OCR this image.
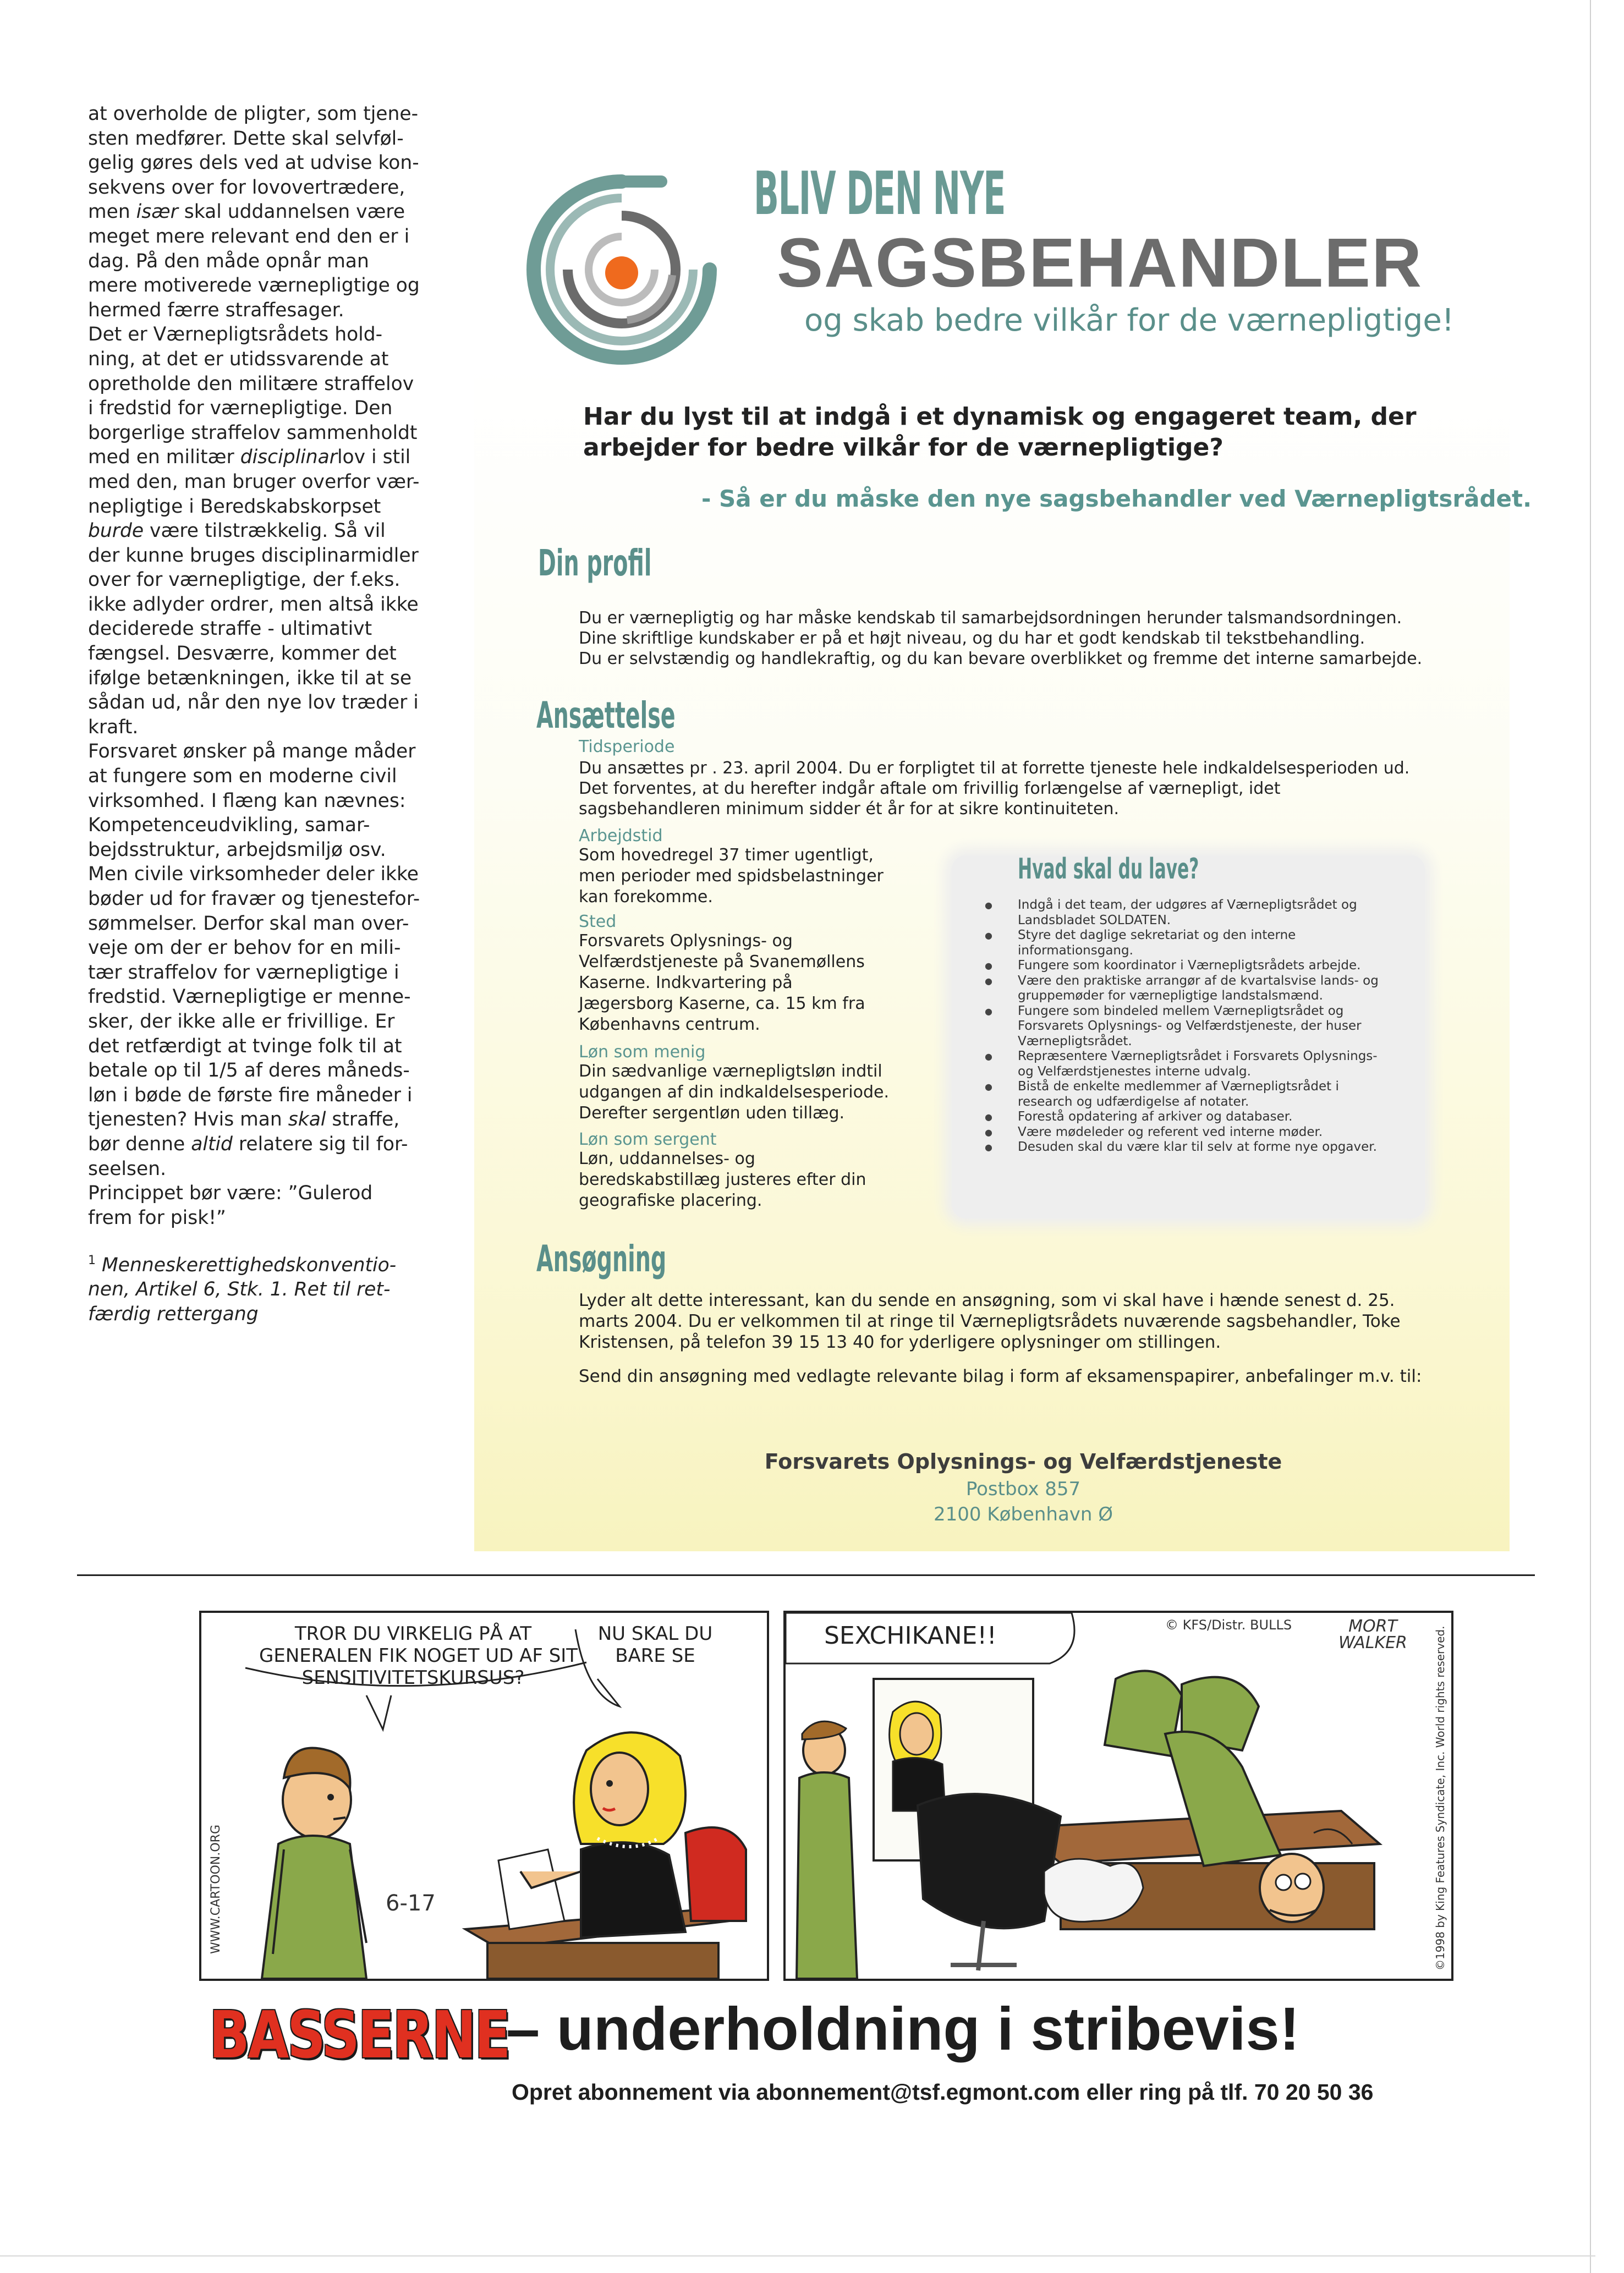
at overholde de pligter, som tjene-
sten medfører. Dette skal selvføl-
gelig gøres dels ved at udvise kon-
sekvens over for lovovertrædere,
men især skal uddannelsen være
meget mere relevant end den er i
dag. På den måde opnår man
mere motiverede værnepligtige og
hermed færre straffesager.
Det er Værnepligtsrådets hold-
ning, at det er utidssvarende at
opretholde den militære straffelov
i fredstid for værnepligtige. Den
borgerlige straffelov sammenholdt
med en militær disciplinarlov i stil
med den, man bruger overfor vær-
nepligtige i Beredskabskorpset
burde være tilstrækkelig. Så vil
der kunne bruges disciplinarmidler
over for værnepligtige, der f.eks.
ikke adlyder ordrer, men altså ikke
deciderede straffe - ultimativt
fængsel. Desværre, kommer det
ifølge betænkningen, ikke til at se
sådan ud, når den nye lov træder i
kraft.
Forsvaret ønsker på mange måder
at fungere som en moderne civil
virksomhed. I flæng kan nævnes:
Kompetenceudvikling, samar-
bejdsstruktur, arbejdsmiljø osv.
Men civile virksomheder deler ikke
bøder ud for fravær og tjenestefor-
sømmelser. Derfor skal man over-
veje om der er behov for en mili-
tær straffelov for værnepligtige i
fredstid. Værnepligtige er menne-
sker, der ikke alle er frivillige. Er
det retfærdigt at tvinge folk til at
betale op til 1/5 af deres måneds-
løn i bøde de første fire måneder i
tjenesten? Hvis man skal straffe,
bør denne altid relatere sig til for-
seelsen.
Princippet bør være: ”Gulerod
frem for pisk!”
$^1$ Menneskerettighedskonventio-
nen, Artikel 6, Stk. 1. Ret til ret-
færdig rettergang
BLIV DEN NYE
SAGSBEHANDLER
og skab bedre vilkår for de værnepligtige!
Har du lyst til at indgå i et dynamisk og engageret team, der
arbejder for bedre vilkår for de værnepligtige?
- Så er du måske den nye sagsbehandler ved Værnepligtsrådet.
Din profil
Du er værnepligtig og har måske kendskab til samarbejdsordningen herunder talsmandsordningen.
Dine skriftlige kundskaber er på et højt niveau, og du har et godt kendskab til tekstbehandling.
Du er selvstændig og handlekraftig, og du kan bevare overblikket og fremme det interne samarbejde.
Ansættelse
Tidsperiode
Du ansættes pr . 23. april 2004. Du er forpligtet til at forrette tjeneste hele indkaldelsesperioden ud.
Det forventes, at du herefter indgår aftale om frivillig forlængelse af værnepligt, idet
sagsbehandleren minimum sidder ét år for at sikre kontinuiteten.
Arbejdstid
Som hovedregel 37 timer ugentligt,
men perioder med spidsbelastninger
kan forekomme.
Sted
Forsvarets Oplysnings- og
Velfærdstjeneste på Svanemøllens
Kaserne. Indkvartering på
Jægersborg Kaserne, ca. 15 km fra
Københavns centrum.
Løn som menig
Din sædvanlige værnepligtsløn indtil
udgangen af din indkaldelsesperiode.
Derefter sergentløn uden tillæg.
Løn som sergent
Løn, uddannelses- og
beredskabstillæg justeres efter din
geografiske placering.
Hvad skal du lave?
● Indgå i det team, der udgøres af Værnepligtsrådet og
Landsbladet SOLDATEN.
● Styre det daglige sekretariat og den interne
informationsgang.
● Fungere som koordinator i Værnepligtsrådets arbejde.
● Være den praktiske arrangør af de kvartalsvise lands- og
gruppemøder for værnepligtige landstalsmænd.
● Fungere som bindeled mellem Værnepligtsrådet og
Forsvarets Oplysnings- og Velfærdstjeneste, der huser
Værnepligtsrådet.
● Repræsentere Værnepligtsrådet i Forsvarets Oplysnings-
og Velfærdstjenestes interne udvalg.
● Bistå de enkelte medlemmer af Værnepligtsrådet i
research og udfærdigelse af notater.
● Forestå opdatering af arkiver og databaser.
● Være mødeleder og referent ved interne møder.
● Desuden skal du være klar til selv at forme nye opgaver.
Ansøgning
Lyder alt dette interessant, kan du sende en ansøgning, som vi skal have i hænde senest d. 25.
marts 2004. Du er velkommen til at ringe til Værnepligtsrådets nuværende sagsbehandler, Toke
Kristensen, på telefon 39 15 13 40 for yderligere oplysninger om stillingen.
Send din ansøgning med vedlagte relevante bilag i form af eksamenspapirer, anbefalinger m.v. til:
Forsvarets Oplysnings- og Velfærdstjeneste
Postbox 857
2100 København Ø
TROR DU VIRKELIG PÅ AT
GENERALEN FIK NOGET UD AF SIT
SENSITIVITETSKURSUS?
NU SKAL DU
BARE SE
6-17
WWW.CARTOON.ORG
SEXCHIKANE!!	© KFS/Distr. BULLS	MORT
WALKER ©1998 by King Features Syndicate, Inc. World rights reserved.
BASSERNE
– underholdning i stribevis!
Opret abonnement via abonnement@tsf.egmont.com eller ring på tlf. 70 20 50 36
